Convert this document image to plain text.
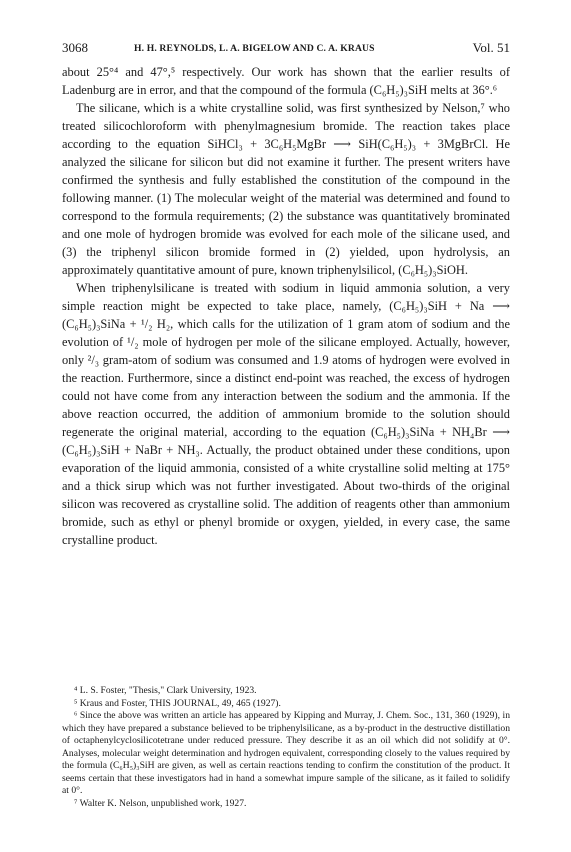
3068	H. H. REYNOLDS, L. A. BIGELOW AND C. A. KRAUS	Vol. 51

about 25°⁴ and 47°,⁵ respectively. Our work has shown that the earlier results of Ladenburg are in error, and that the compound of the formula (C₆H₅)₃SiH melts at 36°.⁶

The silicane, which is a white crystalline solid, was first synthesized by Nelson,⁷ who treated silicochloroform with phenylmagnesium bromide. The reaction takes place according to the equation SiHCl₃ + 3C₆H₅MgBr ⟶ SiH(C₆H₅)₃ + 3MgBrCl. He analyzed the silicane for silicon but did not examine it further. The present writers have confirmed the synthesis and fully established the constitution of the compound in the following manner. (1) The molecular weight of the material was determined and found to correspond to the formula requirements; (2) the substance was quantitatively brominated and one mole of hydrogen bromide was evolved for each mole of the silicane used, and (3) the triphenyl silicon bromide formed in (2) yielded, upon hydrolysis, an approximately quantitative amount of pure, known triphenylsilicol, (C₆H₅)₃SiOH.

When triphenylsilicane is treated with sodium in liquid ammonia solution, a very simple reaction might be expected to take place, namely, (C₆H₅)₃SiH + Na ⟶ (C₆H₅)₃SiNa + ¹/₂ H₂, which calls for the utilization of 1 gram atom of sodium and the evolution of ¹/₂ mole of hydrogen per mole of the silicane employed. Actually, however, only ²/₃ gram-atom of sodium was consumed and 1.9 atoms of hydrogen were evolved in the reaction. Furthermore, since a distinct end-point was reached, the excess of hydrogen could not have come from any interaction between the sodium and the ammonia. If the above reaction occurred, the addition of ammonium bromide to the solution should regenerate the original material, according to the equation (C₆H₅)₃SiNa + NH₄Br ⟶ (C₆H₅)₃SiH + NaBr + NH₃. Actually, the product obtained under these conditions, upon evaporation of the liquid ammonia, consisted of a white crystalline solid melting at 175° and a thick sirup which was not further investigated. About two-thirds of the original silicon was recovered as crystalline solid. The addition of reagents other than ammonium bromide, such as ethyl or phenyl bromide or oxygen, yielded, in every case, the same crystalline product.

⁴ L. S. Foster, "Thesis," Clark University, 1923.

⁵ Kraus and Foster, THIS JOURNAL, 49, 465 (1927).

⁶ Since the above was written an article has appeared by Kipping and Murray, J. Chem. Soc., 131, 360 (1929), in which they have prepared a substance believed to be triphenylsilicane, as a by-product in the destructive distillation of octaphenylcyclosilicotetrane under reduced pressure. They describe it as an oil which did not solidify at 0°. Analyses, molecular weight determination and hydrogen equivalent, corresponding closely to the values required by the formula (C₆H₅)₃SiH are given, as well as certain reactions tending to confirm the constitution of the product. It seems certain that these investigators had in hand a somewhat impure sample of the silicane, as it failed to solidify at 0°.

⁷ Walter K. Nelson, unpublished work, 1927.
